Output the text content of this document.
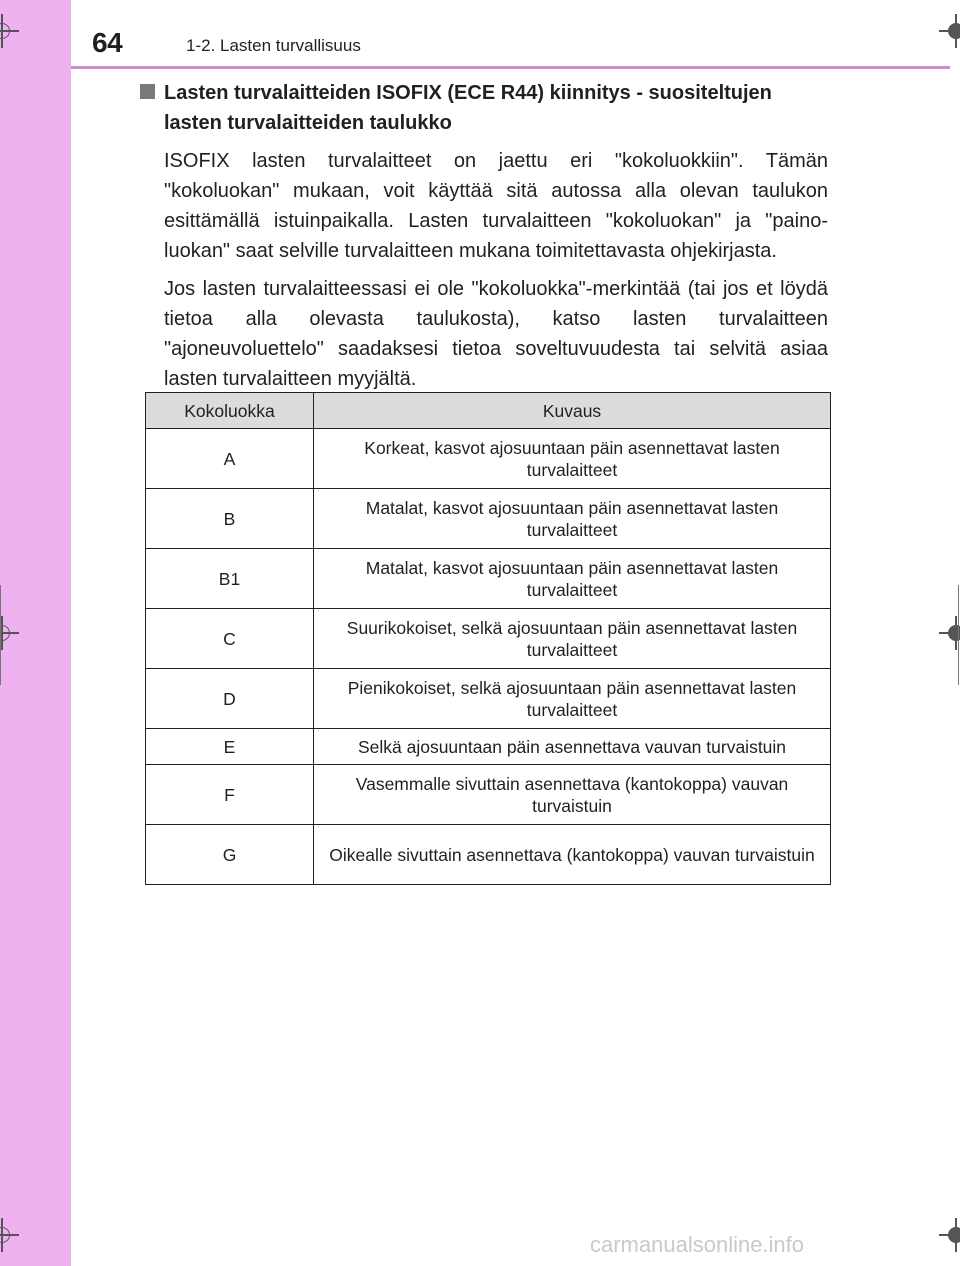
64	1-2. Lasten turvallisuus
Lasten turvalaitteiden ISOFIX (ECE R44) kiinnitys - suositeltujen lasten turvalaitteiden taulukko

ISOFIX lasten turvalaitteet on jaettu eri "kokoluokkiin". Tämän "kokoluokan" mukaan, voit käyttää sitä autossa alla olevan taulukon esittämällä istuinpaikalla. Lasten turvalaitteen "kokoluokan" ja "paino-luokan" saat selville turvalaitteen mukana toimitettavasta ohjekirjasta.

Jos lasten turvalaitteessasi ei ole "kokoluokka"-merkintää (tai jos et löydä tietoa alla olevasta taulukosta), katso lasten turvalaitteen "ajoneuvoluettelo" saadaksesi tietoa soveltuvuudesta tai selvitä asiaa lasten turvalaitteen myyjältä.

Kokoluokka	Kuvaus
A	Korkeat, kasvot ajosuuntaan päin asennettavat lasten turvalaitteet
B	Matalat, kasvot ajosuuntaan päin asennettavat lasten turvalaitteet
B1	Matalat, kasvot ajosuuntaan päin asennettavat lasten turvalaitteet
C	Suurikokoiset, selkä ajosuuntaan päin asennettavat lasten turvalaitteet
D	Pienikokoiset, selkä ajosuuntaan päin asennettavat lasten turvalaitteet
E	Selkä ajosuuntaan päin asennettava vauvan turvaistuin
F	Vasemmalle sivuttain asennettava (kantokoppa) vauvan turvaistuin
G	Oikealle sivuttain asennettava (kantokoppa) vauvan turvaistuin
carmanualsonline.info
